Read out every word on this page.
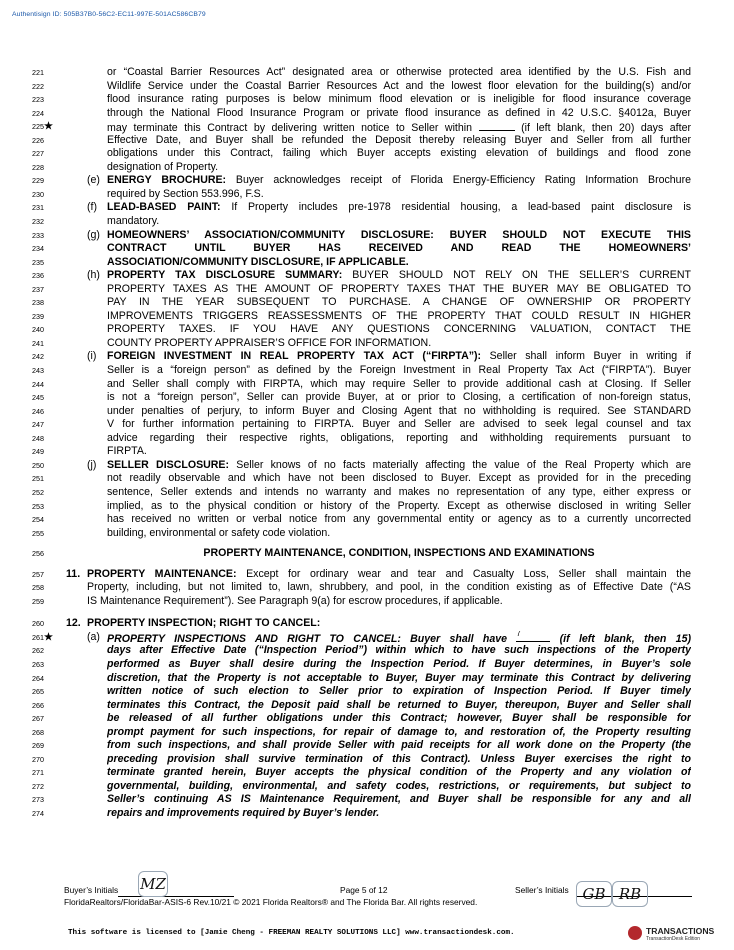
Authentisign ID: 505B37B0-56C2-EC11-997E-501AC586CB79
221	or “Coastal Barrier Resources Act” designated area or otherwise protected area identified by the U.S. Fish and
222	Wildlife Service under the Coastal Barrier Resources Act and the lowest floor elevation for the building(s) and/or
223	flood insurance rating purposes is below minimum flood elevation or is ineligible for flood insurance coverage
224	through the National Flood Insurance Program or private flood insurance as defined in 42 U.S.C. §4012a, Buyer
225 ★	may terminate this Contract by delivering written notice to Seller within	(if left blank, then 20) days after
226	Effective Date, and Buyer shall be refunded the Deposit thereby releasing Buyer and Seller from all further
227	obligations under this Contract, failing which Buyer accepts existing elevation of buildings and flood zone
228	designation of Property.
229	(e) ENERGY BROCHURE: Buyer acknowledges receipt of Florida Energy-Efficiency Rating Information Brochure
230	required by Section 553.996, F.S.
231	(f) LEAD-BASED PAINT: If Property includes pre-1978 residential housing, a lead-based paint disclosure is
232	mandatory.
233	(g) HOMEOWNERS’ ASSOCIATION/COMMUNITY DISCLOSURE: BUYER SHOULD NOT EXECUTE THIS
234	CONTRACT UNTIL BUYER HAS RECEIVED AND READ THE HOMEOWNERS’
235	ASSOCIATION/COMMUNITY DISCLOSURE, IF APPLICABLE.
236	(h) PROPERTY TAX DISCLOSURE SUMMARY: BUYER SHOULD NOT RELY ON THE SELLER’S CURRENT
237	PROPERTY TAXES AS THE AMOUNT OF PROPERTY TAXES THAT THE BUYER MAY BE OBLIGATED TO
238	PAY IN THE YEAR SUBSEQUENT TO PURCHASE. A CHANGE OF OWNERSHIP OR PROPERTY
239	IMPROVEMENTS TRIGGERS REASSESSMENTS OF THE PROPERTY THAT COULD RESULT IN HIGHER
240	PROPERTY TAXES. IF YOU HAVE ANY QUESTIONS CONCERNING VALUATION, CONTACT THE
241	COUNTY PROPERTY APPRAISER’S OFFICE FOR INFORMATION.
242	(i) FOREIGN INVESTMENT IN REAL PROPERTY TAX ACT (“FIRPTA”): Seller shall inform Buyer in writing if
243	Seller is a “foreign person” as defined by the Foreign Investment in Real Property Tax Act (“FIRPTA”). Buyer
244	and Seller shall comply with FIRPTA, which may require Seller to provide additional cash at Closing. If Seller
245	is not a “foreign person”, Seller can provide Buyer, at or prior to Closing, a certification of non-foreign status,
246	under penalties of perjury, to inform Buyer and Closing Agent that no withholding is required. See STANDARD
247	V for further information pertaining to FIRPTA. Buyer and Seller are advised to seek legal counsel and tax
248	advice regarding their respective rights, obligations, reporting and withholding requirements pursuant to
249	FIRPTA.
250	(j) SELLER DISCLOSURE: Seller knows of no facts materially affecting the value of the Real Property which are
251	not readily observable and which have not been disclosed to Buyer. Except as provided for in the preceding
252	sentence, Seller extends and intends no warranty and makes no representation of any type, either express or
253	implied, as to the physical condition or history of the Property. Except as otherwise disclosed in writing Seller
254	has received no written or verbal notice from any governmental entity or agency as to a currently uncorrected
255	building, environmental or safety code violation.
256	PROPERTY MAINTENANCE, CONDITION, INSPECTIONS AND EXAMINATIONS
257	11. PROPERTY MAINTENANCE: Except for ordinary wear and tear and Casualty Loss, Seller shall maintain the
258	Property, including, but not limited to, lawn, shrubbery, and pool, in the condition existing as of Effective Date (“AS
259	IS Maintenance Requirement”). See Paragraph 9(a) for escrow procedures, if applicable.
260	12. PROPERTY INSPECTION; RIGHT TO CANCEL:
261 ★	(a) PROPERTY INSPECTIONS AND RIGHT TO CANCEL: Buyer shall have 7	(if left blank, then 15)
262	days after Effective Date (“Inspection Period”) within which to have such inspections of the Property
263	performed as Buyer shall desire during the Inspection Period. If Buyer determines, in Buyer’s sole
264	discretion, that the Property is not acceptable to Buyer, Buyer may terminate this Contract by delivering
265	written notice of such election to Seller prior to expiration of Inspection Period. If Buyer timely
266	terminates this Contract, the Deposit paid shall be returned to Buyer, thereupon, Buyer and Seller shall
267	be released of all further obligations under this Contract; however, Buyer shall be responsible for
268	prompt payment for such inspections, for repair of damage to, and restoration of, the Property resulting
269	from such inspections, and shall provide Seller with paid receipts for all work done on the Property (the
270	preceding provision shall survive termination of this Contract). Unless Buyer exercises the right to
271	terminate granted herein, Buyer accepts the physical condition of the Property and any violation of
272	governmental, building, environmental, and safety codes, restrictions, or requirements, but subject to
273	Seller’s continuing AS IS Maintenance Requirement, and Buyer shall be responsible for any and all
274	repairs and improvements required by Buyer’s lender.
Buyer’s Initials MZ	Page 5 of 12	Seller’s Initials GB RB
FloridaRealtors/FloridaBar-ASIS-6 Rev.10/21 © 2021 Florida Realtors® and The Florida Bar. All rights reserved.
This software is licensed to [Jamie Cheng - FREEMAN REALTY SOLUTIONS LLC] www.transactiondesk.com.	TRANSACTIONS
TransactionDesk Edition
